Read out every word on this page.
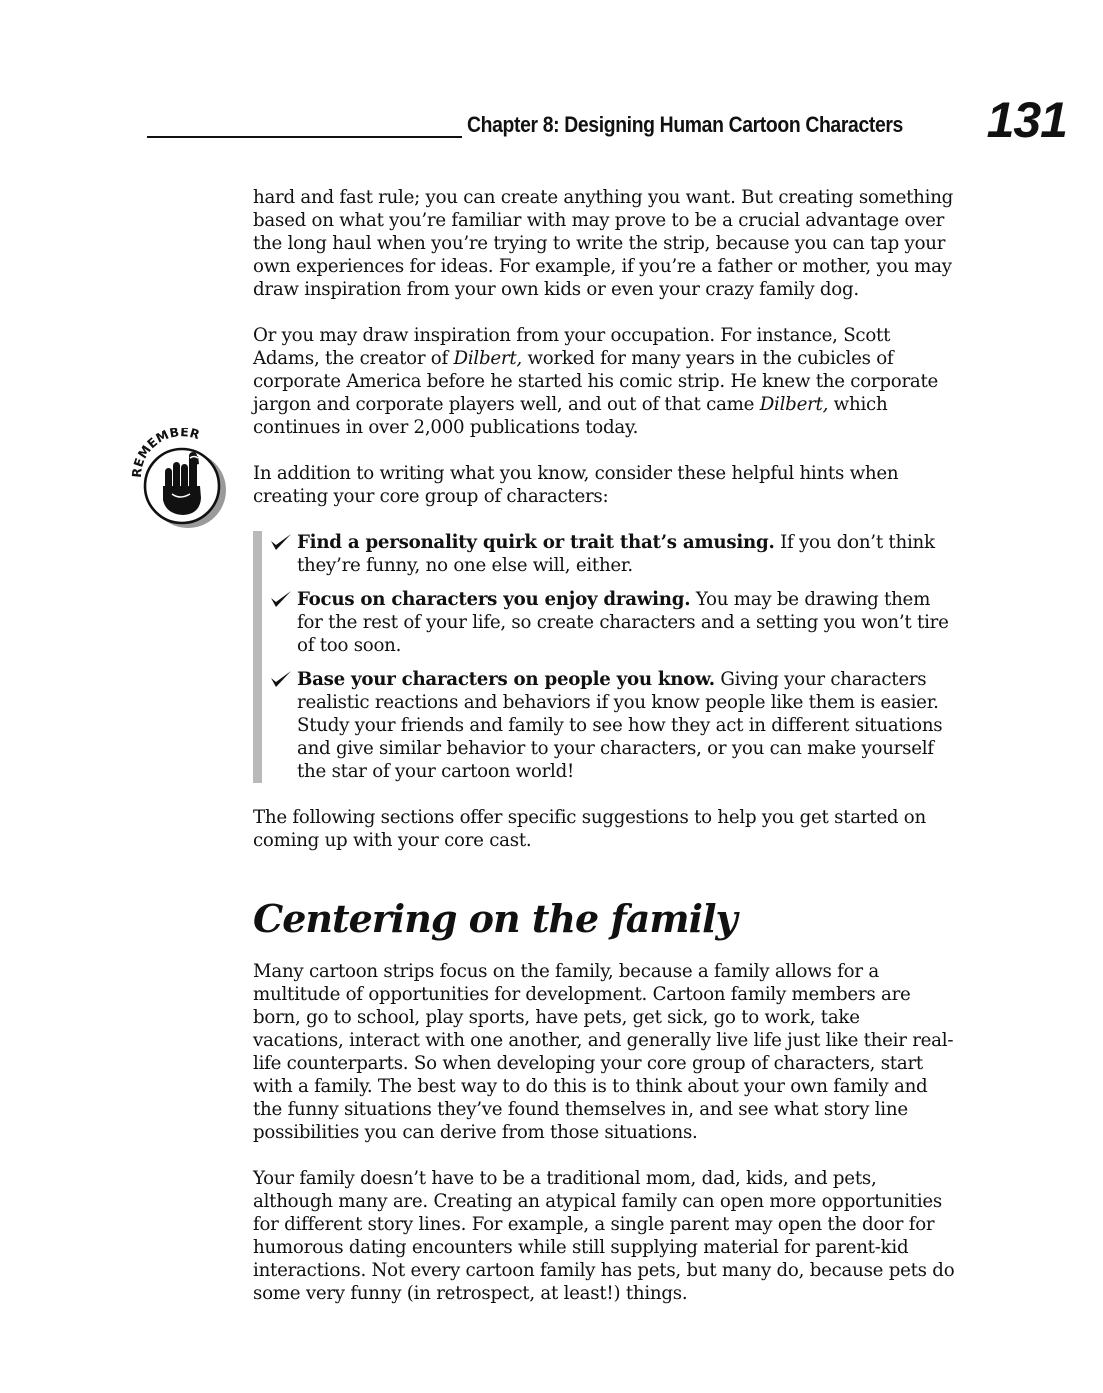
Chapter 8: Designing Human Cartoon Characters 131
REMEMBER

hard and fast rule; you can create anything you want. But creating something based on what you’re familiar with may prove to be a crucial advantage over the long haul when you’re trying to write the strip, because you can tap your own experiences for ideas. For example, if you’re a father or mother, you may draw inspiration from your own kids or even your crazy family dog.

Or you may draw inspiration from your occupation. For instance, Scott Adams, the creator of Dilbert, worked for many years in the cubicles of corporate America before he started his comic strip. He knew the corporate jargon and corporate players well, and out of that came Dilbert, which continues in over 2,000 publications today.

In addition to writing what you know, consider these helpful hints when creating your core group of characters:

Find a personality quirk or trait that’s amusing. If you don’t think they’re funny, no one else will, either.
Focus on characters you enjoy drawing. You may be drawing them for the rest of your life, so create characters and a setting you won’t tire of too soon.
Base your characters on people you know. Giving your characters realistic reactions and behaviors if you know people like them is easier. Study your friends and family to see how they act in different situations and give similar behavior to your characters, or you can make yourself the star of your cartoon world!

The following sections offer specific suggestions to help you get started on coming up with your core cast.

Centering on the family

Many cartoon strips focus on the family, because a family allows for a multitude of opportunities for development. Cartoon family members are born, go to school, play sports, have pets, get sick, go to work, take vacations, interact with one another, and generally live life just like their real-life counterparts. So when developing your core group of characters, start with a family. The best way to do this is to think about your own family and the funny situations they’ve found themselves in, and see what story line possibilities you can derive from those situations.

Your family doesn’t have to be a traditional mom, dad, kids, and pets, although many are. Creating an atypical family can open more opportunities for different story lines. For example, a single parent may open the door for humorous dating encounters while still supplying material for parent-kid interactions. Not every cartoon family has pets, but many do, because pets do some very funny (in retrospect, at least!) things.
